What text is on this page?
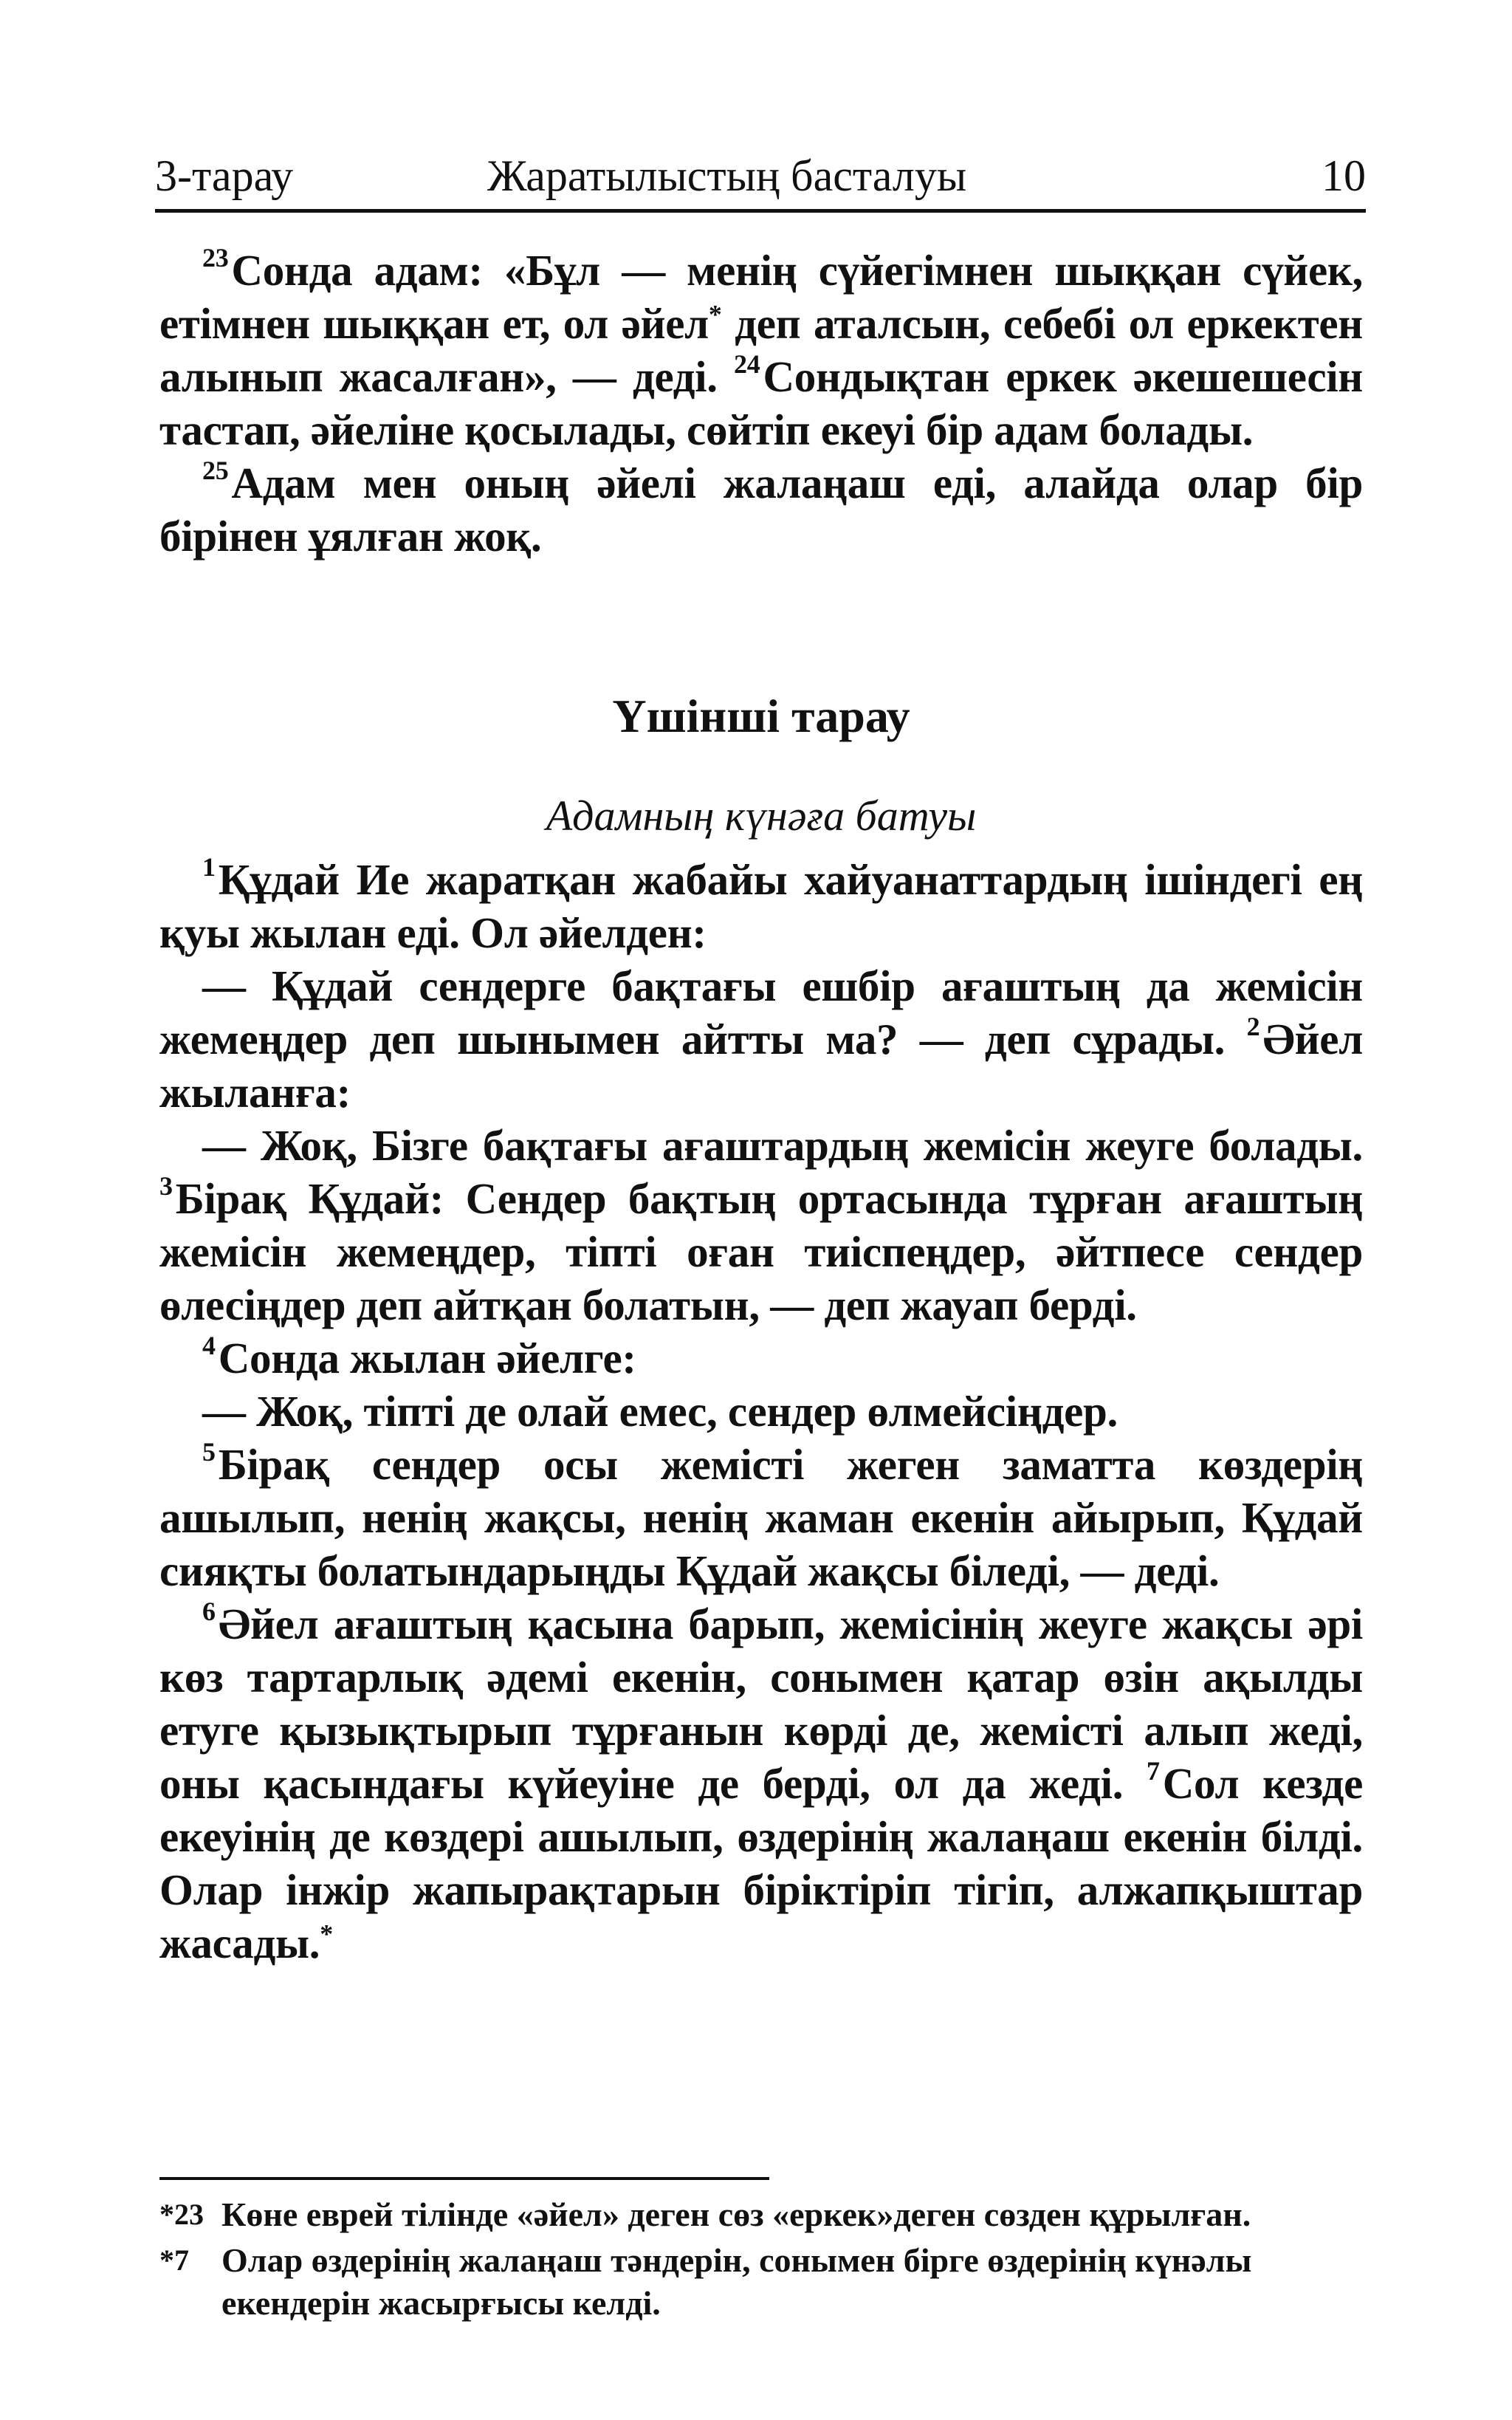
3-тарау	Жаратылыстың басталуы	10

$^{23}$Сонда адам: «Бұл — менің сүйегімнен шыққан сүйек, етімнен шыққан ет, ол әйел* деп аталсын, себебі ол еркектен алынып жасалған», — деді. $^{24}$Сондықтан еркек әкешешесін тастап, әйеліне қосылады, сөйтіп екеуі бір адам болады.

$^{25}$Адам мен оның әйелі жалаңаш еді, алайда олар бір бірінен ұялған жоқ.

Үшінші тарау
Адамның күнәға батуы

$^1$Құдай Ие жаратқан жабайы хайуанаттардың ішіндегі ең қуы жылан еді. Ол әйелден:

— Құдай сендерге бақтағы ешбір ағаштың да жемісін жемеңдер деп шынымен айтты ма? — деп сұрады. $^2$Әйел жыланға:

— Жоқ, Бізге бақтағы ағаштардың жемісін жеуге болады. $^3$Бірақ Құдай: Сендер бақтың ортасында тұрған ағаштың жемісін жемеңдер, тіпті оған тиіспеңдер, әйтпесе сендер өлесіңдер деп айтқан болатын, — деп жауап берді.

$^4$Сонда жылан әйелге:

— Жоқ, тіпті де олай емес, сендер өлмейсіңдер.

$^5$Бірақ сендер осы жемісті жеген заматта көздерің ашылып, ненің жақсы, ненің жаман екенін айырып, Құдай сияқты болатындарыңды Құдай жақсы біледі, — деді.

$^6$Әйел ағаштың қасына барып, жемісінің жеуге жақсы әрі көз тартарлық әдемі екенін, сонымен қатар өзін ақылды етуге қызықтырып тұрғанын көрді де, жемісті алып жеді, оны қасындағы күйеуіне де берді, ол да жеді. $^7$Сол кезде екеуінің де көздері ашылып, өздерінің жалаңаш екенін білді. Олар інжір жапырақтарын біріктіріп тігіп, алжапқыштар жасады.*

*23 Көне еврей тілінде «әйел» деген сөз «еркек»деген сөзден құрылған.
*7 Олар өздерінің жалаңаш тәндерін, сонымен бірге өздерінің күнәлы екендерін жасырғысы келді.
